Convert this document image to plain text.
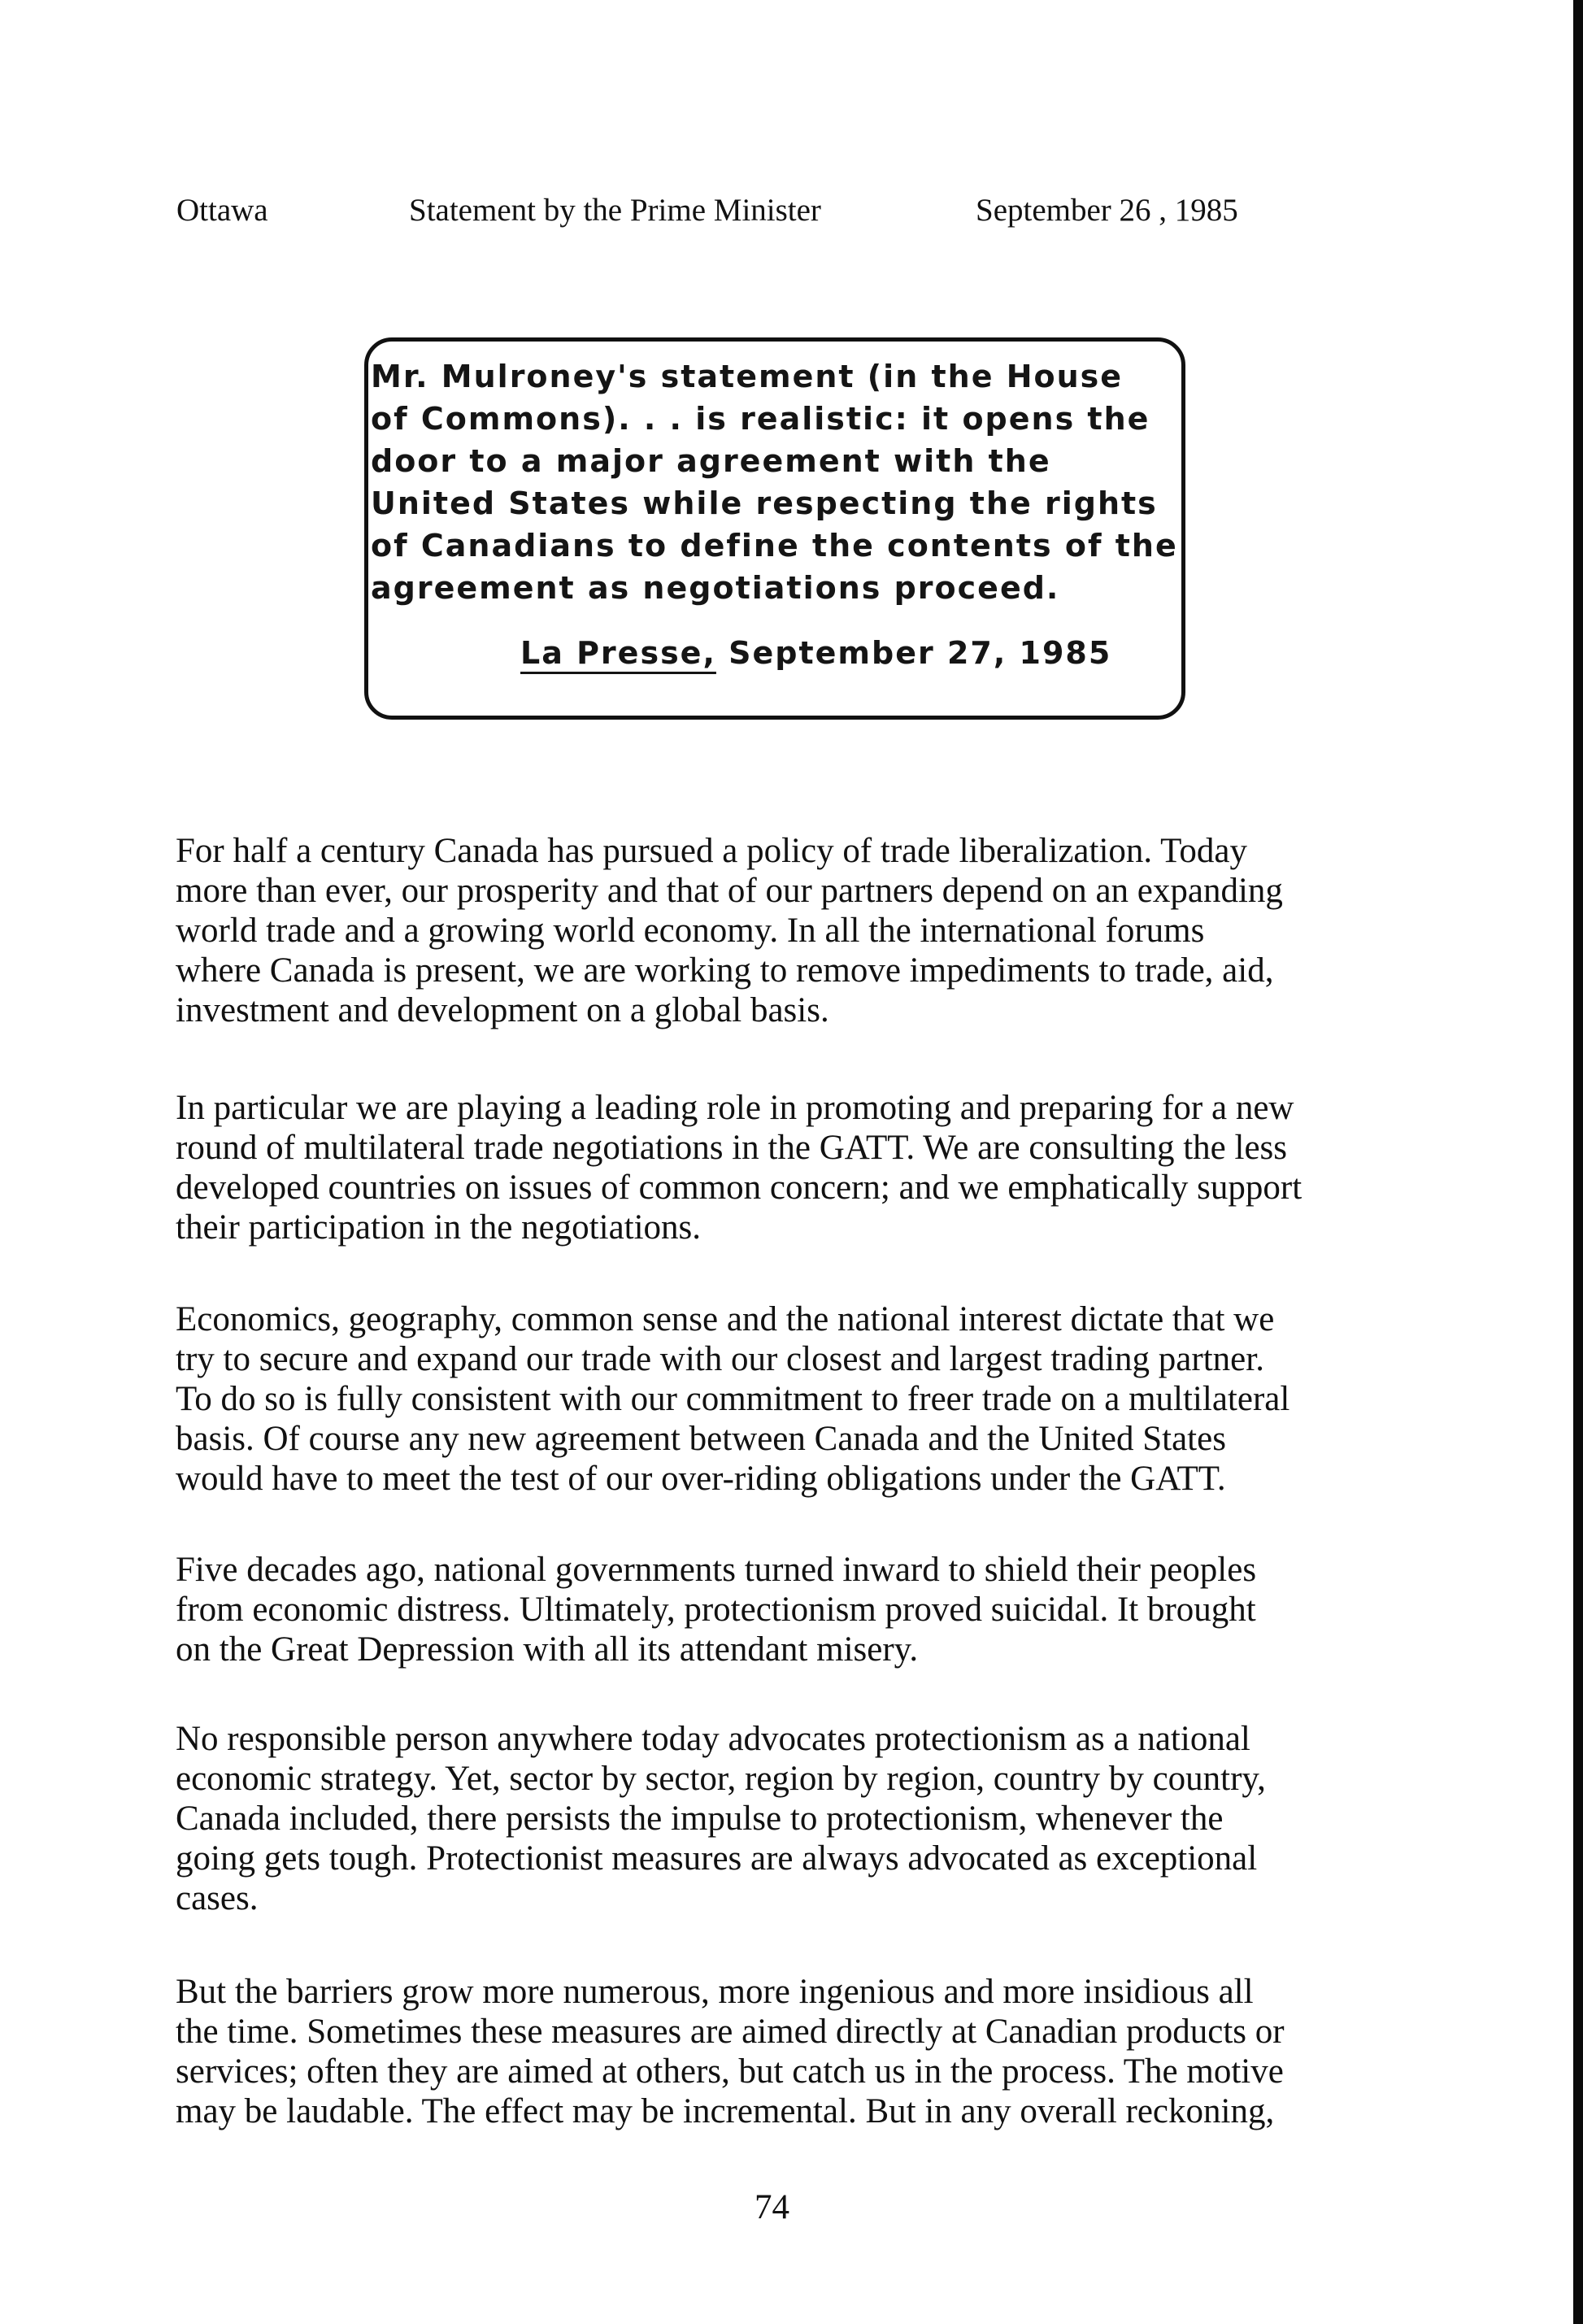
Ottawa	Statement by the Prime Minister	September 26 , 1985
Mr. Mulroney's statement (in the House
of Commons). . . is realistic: it opens the
door to a major agreement with the
United States while respecting the rights
of Canadians to define the contents of the
agreement as negotiations proceed.
La Presse, September 27, 1985
For half a century Canada has pursued a policy of trade liberalization. Today
more than ever, our prosperity and that of our partners depend on an expanding
world trade and a growing world economy. In all the international forums
where Canada is present, we are working to remove impediments to trade, aid,
investment and development on a global basis.
In particular we are playing a leading role in promoting and preparing for a new
round of multilateral trade negotiations in the GATT. We are consulting the less
developed countries on issues of common concern; and we emphatically support
their participation in the negotiations.
Economics, geography, common sense and the national interest dictate that we
try to secure and expand our trade with our closest and largest trading partner.
To do so is fully consistent with our commitment to freer trade on a multilateral
basis. Of course any new agreement between Canada and the United States
would have to meet the test of our over-riding obligations under the GATT.
Five decades ago, national governments turned inward to shield their peoples
from economic distress. Ultimately, protectionism proved suicidal. It brought
on the Great Depression with all its attendant misery.
No responsible person anywhere today advocates protectionism as a national
economic strategy. Yet, sector by sector, region by region, country by country,
Canada included, there persists the impulse to protectionism, whenever the
going gets tough. Protectionist measures are always advocated as exceptional
cases.
But the barriers grow more numerous, more ingenious and more insidious all
the time. Sometimes these measures are aimed directly at Canadian products or
services; often they are aimed at others, but catch us in the process. The motive
may be laudable. The effect may be incremental. But in any overall reckoning,
74
